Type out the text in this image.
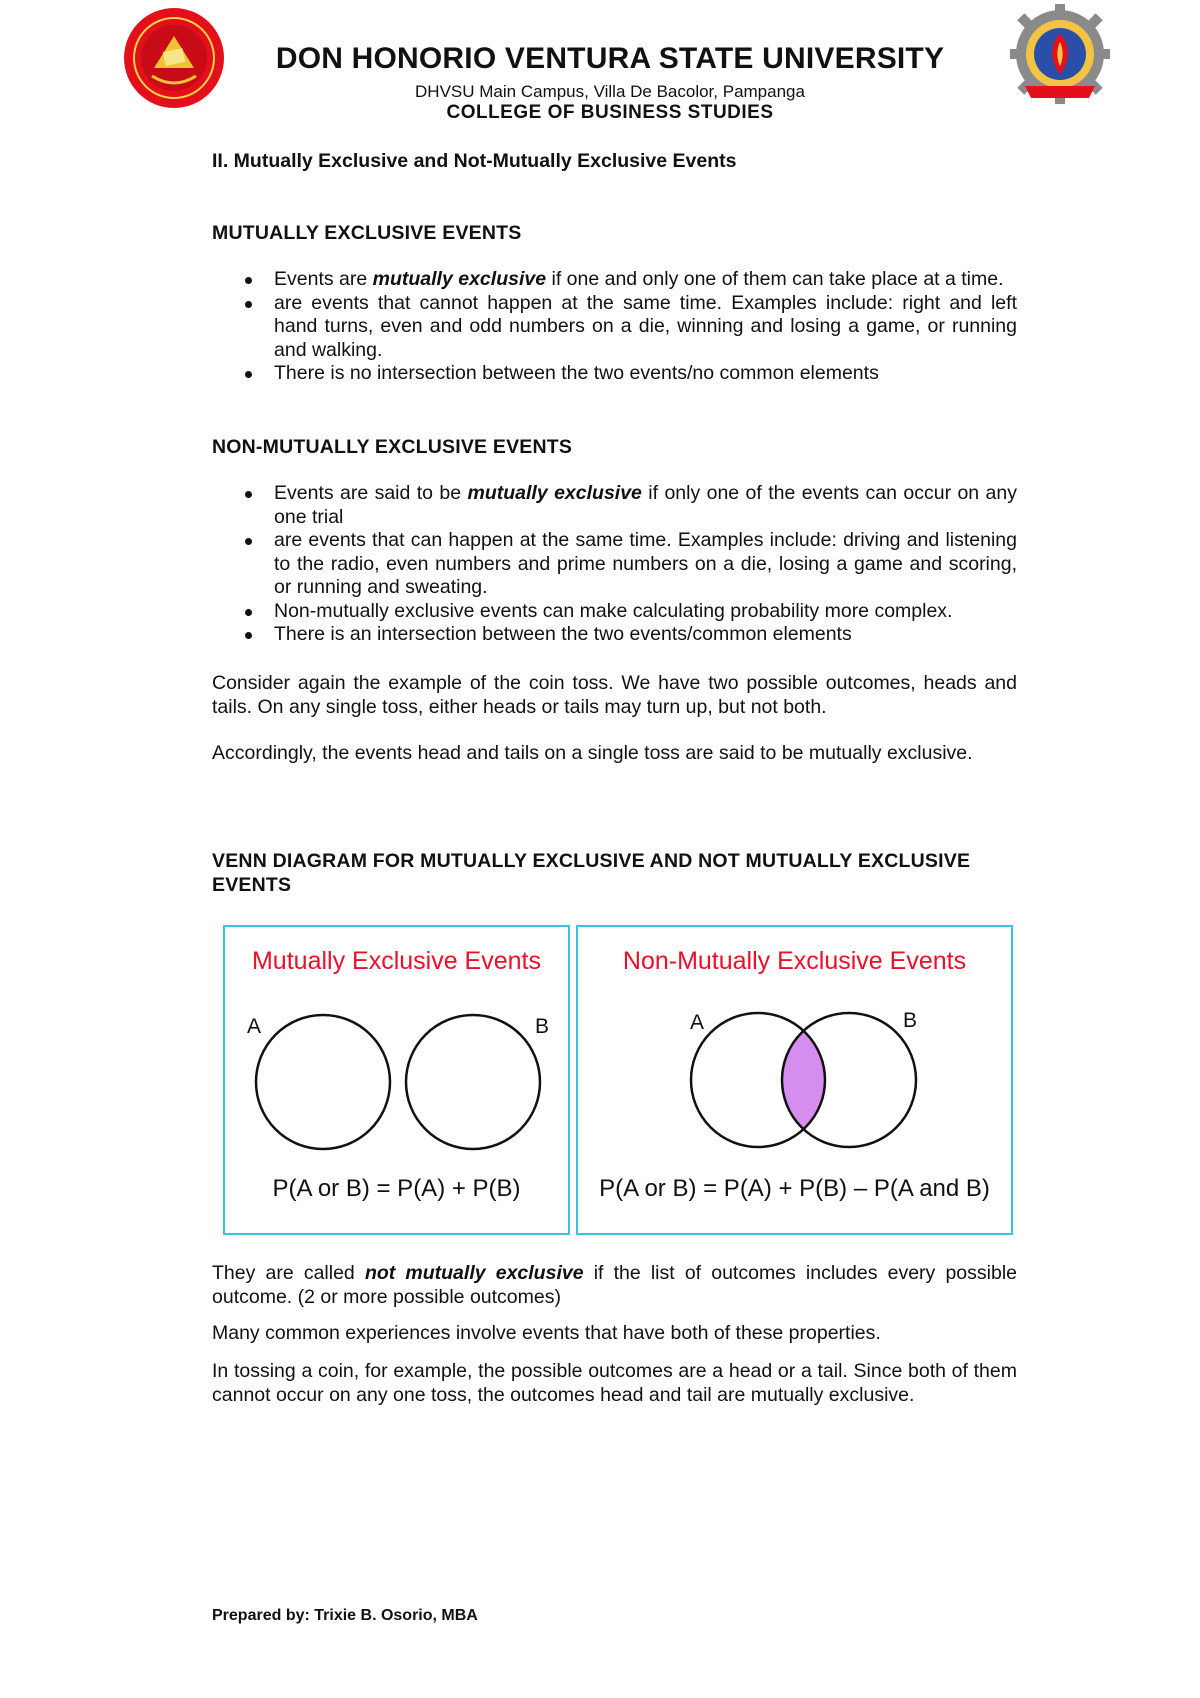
DON HONORIO VENTURA STATE UNIVERSITY
DHVSU Main Campus, Villa De Bacolor, Pampanga
COLLEGE OF BUSINESS STUDIES
II. Mutually Exclusive and Not-Mutually Exclusive Events
MUTUALLY EXCLUSIVE EVENTS
Events are mutually exclusive if one and only one of them can take place at a time.
are events that cannot happen at the same time. Examples include: right and left hand turns, even and odd numbers on a die, winning and losing a game, or running and walking.
There is no intersection between the two events/no common elements
NON-MUTUALLY EXCLUSIVE EVENTS
Events are said to be mutually exclusive if only one of the events can occur on any one trial
are events that can happen at the same time. Examples include: driving and listening to the radio, even numbers and prime numbers on a die, losing a game and scoring, or running and sweating.
Non-mutually exclusive events can make calculating probability more complex.
There is an intersection between the two events/common elements

Consider again the example of the coin toss. We have two possible outcomes, heads and tails. On any single toss, either heads or tails may turn up, but not both.

Accordingly, the events head and tails on a single toss are said to be mutually exclusive.

VENN DIAGRAM FOR MUTUALLY EXCLUSIVE AND NOT MUTUALLY EXCLUSIVE EVENTS
Mutually Exclusive Events
A	B
P(A or B) = P(A) + P(B)
Non-Mutually Exclusive Events
A	B
P(A or B) = P(A) + P(B) – P(A and B)

They are called not mutually exclusive if the list of outcomes includes every possible outcome. (2 or more possible outcomes)

Many common experiences involve events that have both of these properties.

In tossing a coin, for example, the possible outcomes are a head or a tail. Since both of them cannot occur on any one toss, the outcomes head and tail are mutually exclusive.

Prepared by: Trixie B. Osorio, MBA
